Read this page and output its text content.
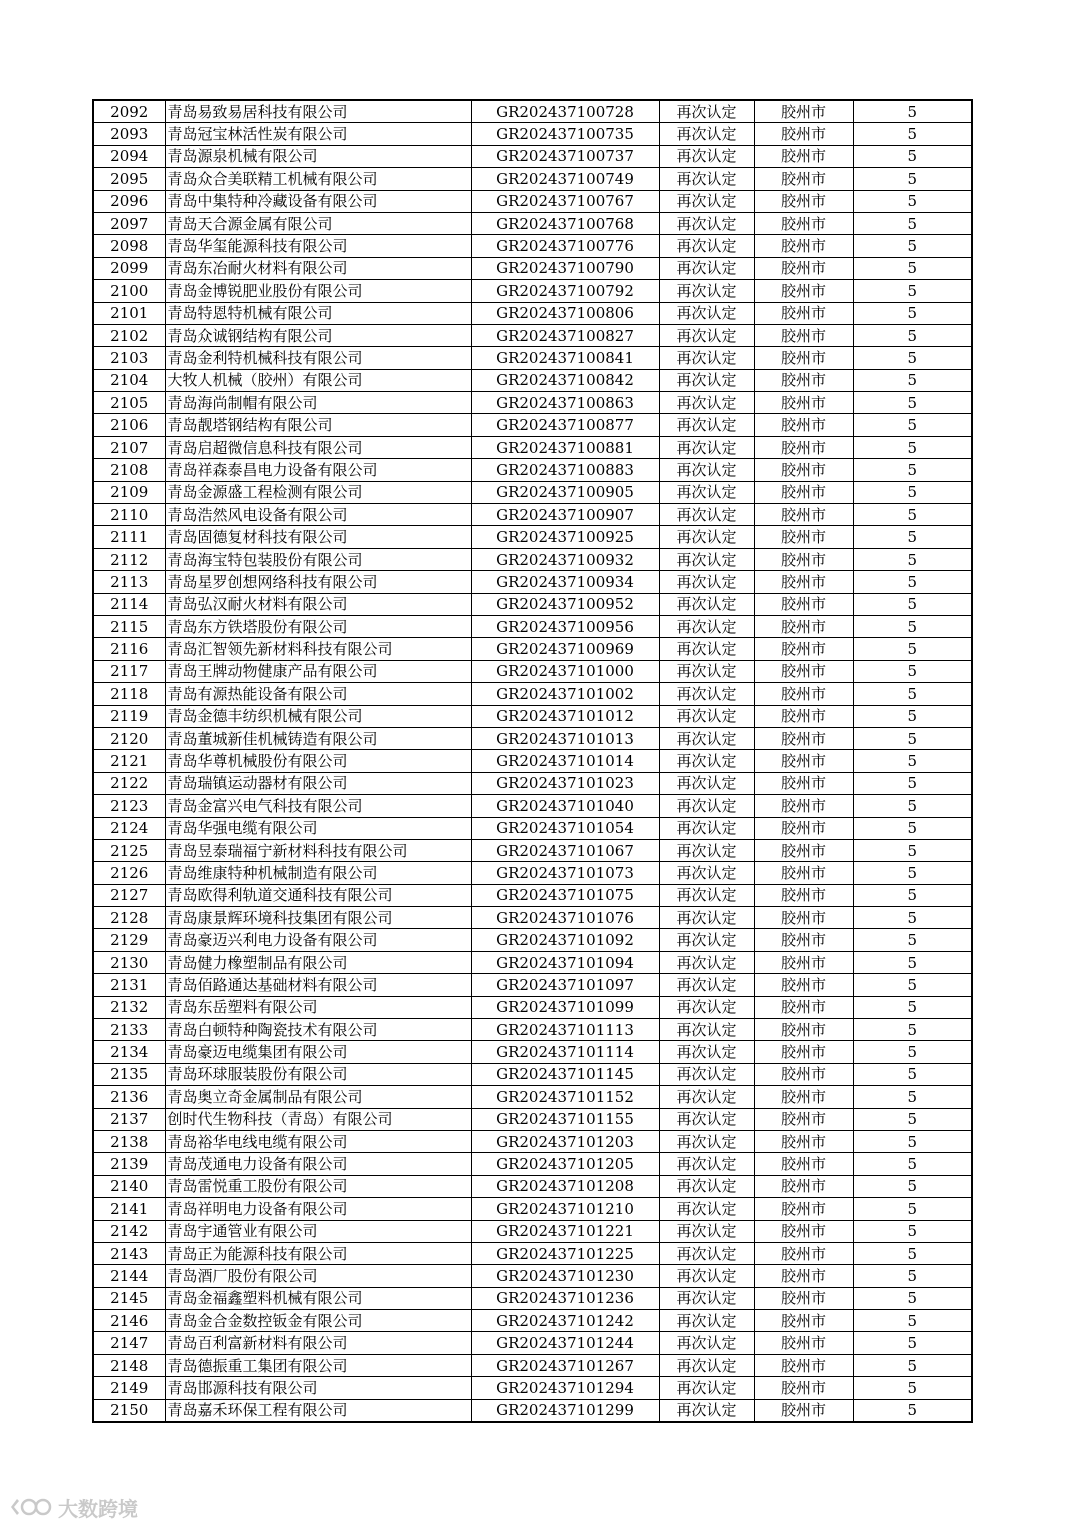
2092	青岛易致易居科技有限公司	GR202437100728	再次认定	胶州市	5
2093	青岛冠宝林活性炭有限公司	GR202437100735	再次认定	胶州市	5
2094	青岛源泉机械有限公司	GR202437100737	再次认定	胶州市	5
2095	青岛众合美联精工机械有限公司	GR202437100749	再次认定	胶州市	5
2096	青岛中集特种冷藏设备有限公司	GR202437100767	再次认定	胶州市	5
2097	青岛天合源金属有限公司	GR202437100768	再次认定	胶州市	5
2098	青岛华玺能源科技有限公司	GR202437100776	再次认定	胶州市	5
2099	青岛东冶耐火材料有限公司	GR202437100790	再次认定	胶州市	5
2100	青岛金博锐肥业股份有限公司	GR202437100792	再次认定	胶州市	5
2101	青岛特恩特机械有限公司	GR202437100806	再次认定	胶州市	5
2102	青岛众诚钢结构有限公司	GR202437100827	再次认定	胶州市	5
2103	青岛金利特机械科技有限公司	GR202437100841	再次认定	胶州市	5
2104	大牧人机械（胶州）有限公司	GR202437100842	再次认定	胶州市	5
2105	青岛海尚制帽有限公司	GR202437100863	再次认定	胶州市	5
2106	青岛靓塔钢结构有限公司	GR202437100877	再次认定	胶州市	5
2107	青岛启超微信息科技有限公司	GR202437100881	再次认定	胶州市	5
2108	青岛祥森泰昌电力设备有限公司	GR202437100883	再次认定	胶州市	5
2109	青岛金源盛工程检测有限公司	GR202437100905	再次认定	胶州市	5
2110	青岛浩然风电设备有限公司	GR202437100907	再次认定	胶州市	5
2111	青岛固德复材科技有限公司	GR202437100925	再次认定	胶州市	5
2112	青岛海宝特包装股份有限公司	GR202437100932	再次认定	胶州市	5
2113	青岛星罗创想网络科技有限公司	GR202437100934	再次认定	胶州市	5
2114	青岛弘汉耐火材料有限公司	GR202437100952	再次认定	胶州市	5
2115	青岛东方铁塔股份有限公司	GR202437100956	再次认定	胶州市	5
2116	青岛汇智领先新材料科技有限公司	GR202437100969	再次认定	胶州市	5
2117	青岛王牌动物健康产品有限公司	GR202437101000	再次认定	胶州市	5
2118	青岛有源热能设备有限公司	GR202437101002	再次认定	胶州市	5
2119	青岛金德丰纺织机械有限公司	GR202437101012	再次认定	胶州市	5
2120	青岛董城新佳机械铸造有限公司	GR202437101013	再次认定	胶州市	5
2121	青岛华尊机械股份有限公司	GR202437101014	再次认定	胶州市	5
2122	青岛瑞镇运动器材有限公司	GR202437101023	再次认定	胶州市	5
2123	青岛金富兴电气科技有限公司	GR202437101040	再次认定	胶州市	5
2124	青岛华强电缆有限公司	GR202437101054	再次认定	胶州市	5
2125	青岛昱泰瑞福宁新材料科技有限公司	GR202437101067	再次认定	胶州市	5
2126	青岛维康特种机械制造有限公司	GR202437101073	再次认定	胶州市	5
2127	青岛欧得利轨道交通科技有限公司	GR202437101075	再次认定	胶州市	5
2128	青岛康景辉环境科技集团有限公司	GR202437101076	再次认定	胶州市	5
2129	青岛豪迈兴利电力设备有限公司	GR202437101092	再次认定	胶州市	5
2130	青岛健力橡塑制品有限公司	GR202437101094	再次认定	胶州市	5
2131	青岛佰路通达基础材料有限公司	GR202437101097	再次认定	胶州市	5
2132	青岛东岳塑料有限公司	GR202437101099	再次认定	胶州市	5
2133	青岛白顿特种陶瓷技术有限公司	GR202437101113	再次认定	胶州市	5
2134	青岛豪迈电缆集团有限公司	GR202437101114	再次认定	胶州市	5
2135	青岛环球服装股份有限公司	GR202437101145	再次认定	胶州市	5
2136	青岛奥立奇金属制品有限公司	GR202437101152	再次认定	胶州市	5
2137	创时代生物科技（青岛）有限公司	GR202437101155	再次认定	胶州市	5
2138	青岛裕华电线电缆有限公司	GR202437101203	再次认定	胶州市	5
2139	青岛茂通电力设备有限公司	GR202437101205	再次认定	胶州市	5
2140	青岛雷悦重工股份有限公司	GR202437101208	再次认定	胶州市	5
2141	青岛祥明电力设备有限公司	GR202437101210	再次认定	胶州市	5
2142	青岛宇通管业有限公司	GR202437101221	再次认定	胶州市	5
2143	青岛正为能源科技有限公司	GR202437101225	再次认定	胶州市	5
2144	青岛酒厂股份有限公司	GR202437101230	再次认定	胶州市	5
2145	青岛金福鑫塑料机械有限公司	GR202437101236	再次认定	胶州市	5
2146	青岛金合金数控钣金有限公司	GR202437101242	再次认定	胶州市	5
2147	青岛百利富新材料有限公司	GR202437101244	再次认定	胶州市	5
2148	青岛德振重工集团有限公司	GR202437101267	再次认定	胶州市	5
2149	青岛邯源科技有限公司	GR202437101294	再次认定	胶州市	5
2150	青岛嘉禾环保工程有限公司	GR202437101299	再次认定	胶州市	5
大数跨境
